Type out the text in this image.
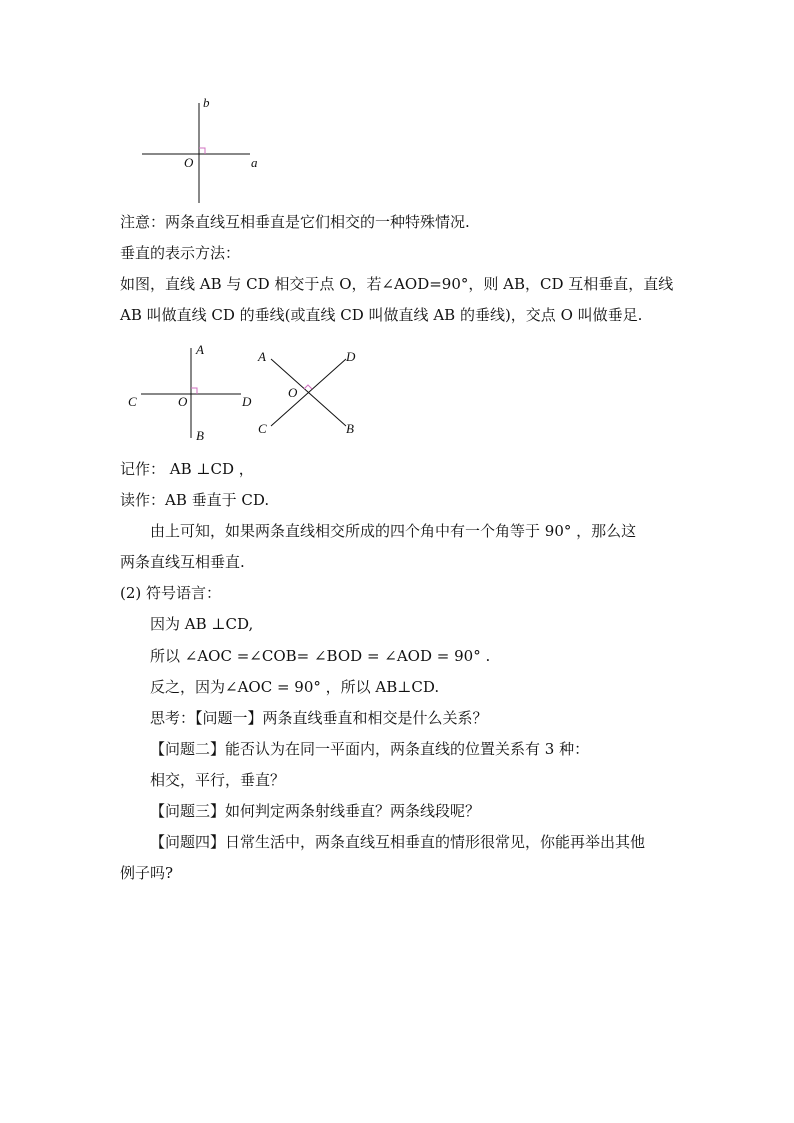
b
O	a
注意：两条直线互相垂直是它们相交的一种特殊情况.
垂直的表示方法：
如图，直线 AB 与 CD 相交于点 O，若∠AOD=90°，则 AB，CD 互相垂直，直线
AB 叫做直线 CD 的垂线(或直线 CD 叫做直线 AB 的垂线)，交点 O 叫做垂足.
A
B
C	O	D
A	D
O
C	B
记作： AB ⊥CD ，
读作：AB 垂直于 CD.
由上可知，如果两条直线相交所成的四个角中有一个角等于 90° ，那么这
两条直线互相垂直.
(2) 符号语言：
因为 AB ⊥CD,
所以 ∠AOC =∠COB= ∠BOD = ∠AOD = 90° .
反之，因为∠AOC = 90° ，所以 AB⊥CD.
思考：【问题一】两条直线垂直和相交是什么关系？
【问题二】能否认为在同一平面内，两条直线的位置关系有 3 种：
相交，平行，垂直？
【问题三】如何判定两条射线垂直？两条线段呢？
【问题四】日常生活中，两条直线互相垂直的情形很常见，你能再举出其他
例子吗?
